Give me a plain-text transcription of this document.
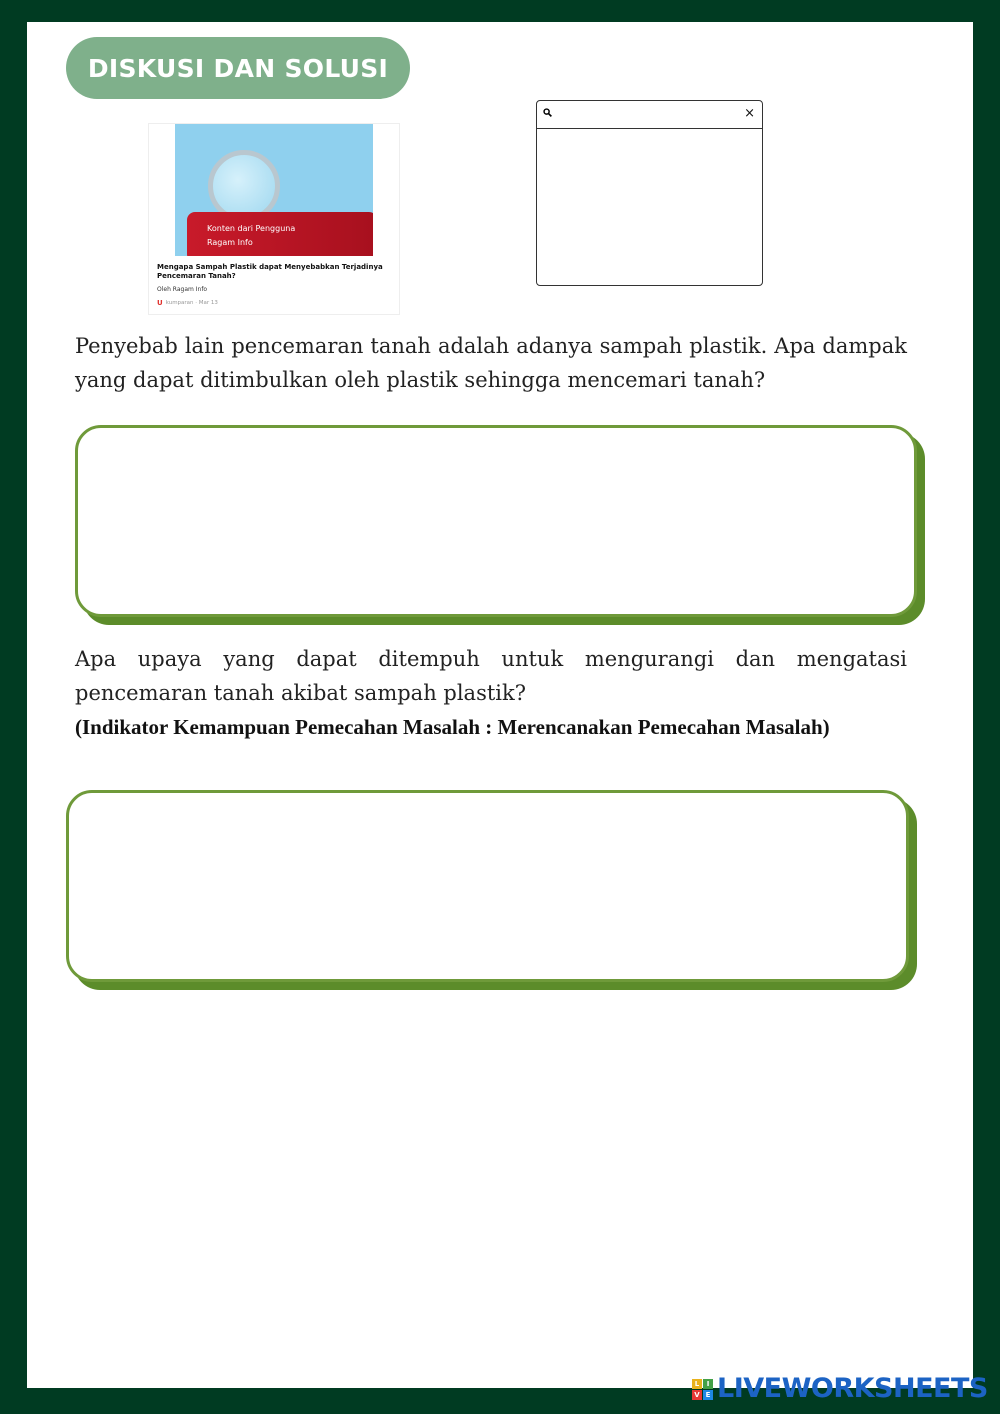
DISKUSI DAN SOLUSI
Konten dari Pengguna
Ragam Info
Mengapa Sampah Plastik dapat Menyebabkan Terjadinya Pencemaran Tanah?
Oleh Ragam Info
U kumparan · Mar 13
×
Penyebab lain pencemaran tanah adalah adanya sampah plastik. Apa dampak yang dapat ditimbulkan oleh plastik sehingga mencemari tanah?
Apa upaya yang dapat ditempuh untuk mengurangi dan mengatasi pencemaran tanah akibat sampah plastik?
(Indikator Kemampuan Pemecahan Masalah : Merencanakan Pemecahan Masalah)
L	I
V E LIVEWORKSHEETS
